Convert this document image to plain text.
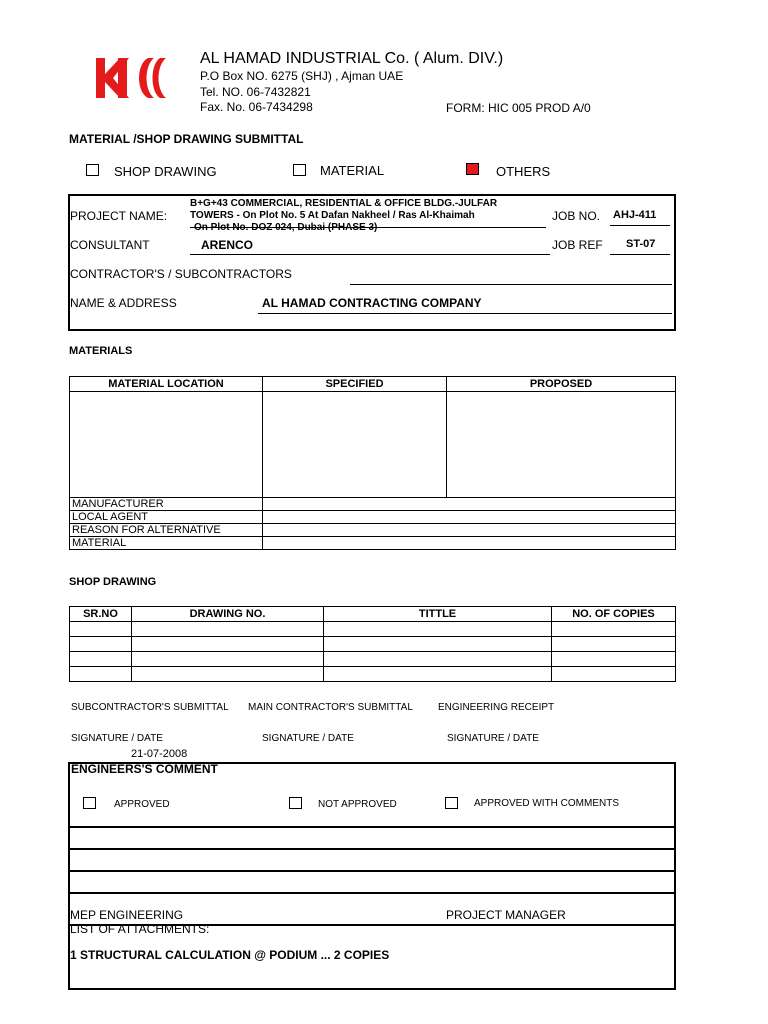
AL HAMAD INDUSTRIAL Co. ( Alum. DIV.)
P.O Box NO. 6275 (SHJ) , Ajman UAE
Tel. NO. 06-7432821
Fax. No. 06-7434298	FORM: HIC 005 PROD A/0
MATERIAL /SHOP DRAWING SUBMITTAL
SHOP DRAWING	MATERIAL	OTHERS
PROJECT NAME:
B+G+43 COMMERCIAL, RESIDENTIAL & OFFICE BLDG.-JULFAR
TOWERS - On Plot No. 5 At Dafan Nakheel / Ras Al-Khaimah
On Plot No. DOZ 024, Dubai (PHASE 3)
JOB NO. AHJ-411
CONSULTANT	ARENCO	JOB REF ST-07
CONTRACTOR'S / SUBCONTRACTORS
NAME & ADDRESS	AL HAMAD CONTRACTING COMPANY
MATERIALS
MATERIAL LOCATION	SPECIFIED	PROPOSED

MANUFACTURER		
LOCAL AGENT		
REASON FOR ALTERNATIVE		
MATERIAL		
SHOP DRAWING
SR.NO	DRAWING NO.	TITTLE	NO. OF COPIES

SUBCONTRACTOR'S SUBMITTAL MAIN CONTRACTOR'S SUBMITTAL	ENGINEERING RECEIPT
SIGNATURE / DATE	SIGNATURE / DATE	SIGNATURE / DATE
21-07-2008
ENGINEERS'S COMMENT
APPROVED	NOT APPROVED	APPROVED WITH COMMENTS
MEP ENGINEERING	PROJECT MANAGER
LIST OF ATTACHMENTS:
1 STRUCTURAL CALCULATION @ PODIUM ... 2 COPIES
